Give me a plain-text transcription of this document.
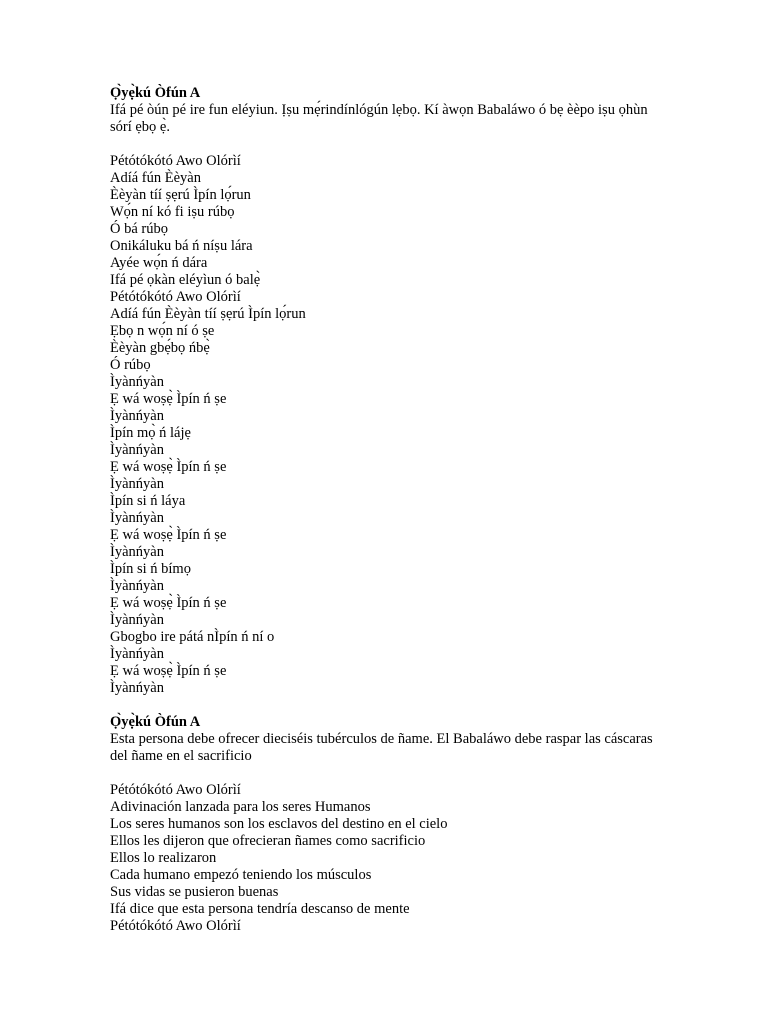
Ọ̀yẹ̀kú Òfún A
Ifá pé òún pé ire fun eléyiun. Ịṣu mẹ́rindínlógún lẹbọ. Kí àwọn Babaláwo ó bẹ èèpo iṣu ọhùn sórí ẹbọ ẹ̀.
Pétótókótó Awo Olórìí
Adíá fún Èèyàn
Èèyàn tíí ṣẹrú Ìpín lọ́run
Wọ́n ní kó fi iṣu rúbọ
Ó bá rúbọ
Onikáluku bá ń níṣu lára
Ayée wọ́n ń dára
Ifá pé ọkàn eléyìun ó balẹ̀
Pétótókótó Awo Olórìí
Adíá fún Èèyàn tíí ṣẹrú Ìpín lọ́run
Ẹbọ n wọ́n ní ó ṣe
Èèyàn gbẹ́bọ ńbẹ̀
Ó rúbọ
Ìyànńyàn
Ẹ wá woṣẹ̀ Ìpín ń ṣe
Ìyànńyàn
Ìpín mọ̀ ń lájẹ
Ìyànńyàn
Ẹ wá woṣẹ̀ Ìpín ń ṣe
Ìyànńyàn
Ìpín si ń láya
Ìyànńyàn
Ẹ wá woṣẹ̀ Ìpín ń ṣe
Ìyànńyàn
Ìpín si ń bímọ
Ìyànńyàn
Ẹ wá woṣẹ̀ Ìpín ń ṣe
Ìyànńyàn
Gbogbo ire pátá nÌpín ń ní o
Ìyànńyàn
Ẹ wá woṣẹ̀ Ìpín ń ṣe
Ìyànńyàn
Ọ̀yẹ̀kú Òfún A
Esta persona debe ofrecer dieciséis tubérculos de ñame. El Babaláwo debe raspar las cáscaras del ñame en el sacrificio
Pétótókótó Awo Olórìí
Adivinación lanzada para los seres Humanos
Los seres humanos son los esclavos del destino en el cielo
Ellos les dijeron que ofrecieran ñames como sacrificio
Ellos lo realizaron
Cada humano empezó teniendo los músculos
Sus vidas se pusieron buenas
Ifá dice que esta persona tendría descanso de mente
Pétótókótó Awo Olórìí
